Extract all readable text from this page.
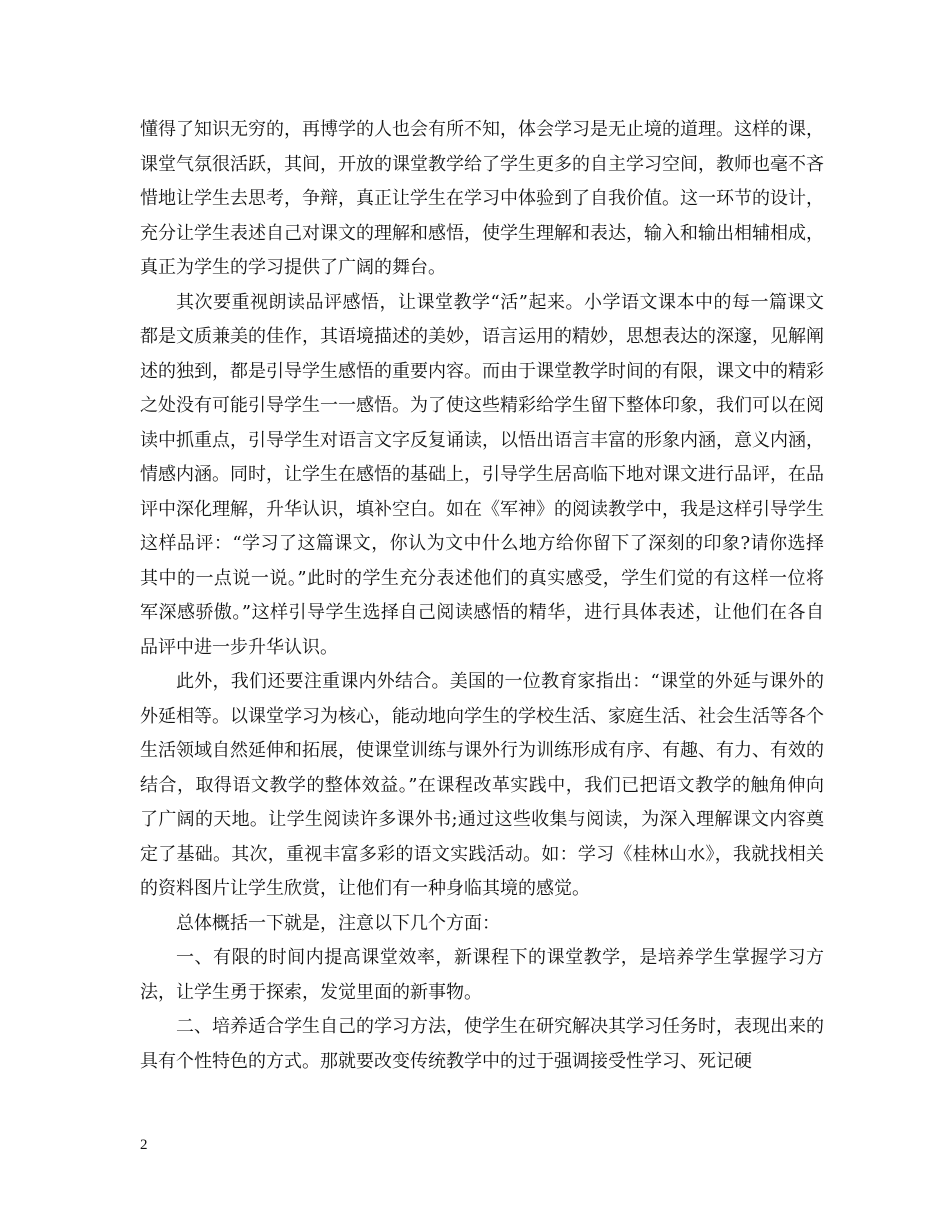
懂得了知识无穷的，再博学的人也会有所不知，体会学习是无止境的道理。这样的课，课堂气氛很活跃，其间，开放的课堂教学给了学生更多的自主学习空间，教师也毫不吝惜地让学生去思考，争辩，真正让学生在学习中体验到了自我价值。这一环节的设计，充分让学生表述自己对课文的理解和感悟，使学生理解和表达，输入和输出相辅相成，真正为学生的学习提供了广阔的舞台。

其次要重视朗读品评感悟，让课堂教学“活”起来。小学语文课本中的每一篇课文都是文质兼美的佳作，其语境描述的美妙，语言运用的精妙，思想表达的深邃，见解阐述的独到，都是引导学生感悟的重要内容。而由于课堂教学时间的有限，课文中的精彩之处没有可能引导学生一一感悟。为了使这些精彩给学生留下整体印象，我们可以在阅读中抓重点，引导学生对语言文字反复诵读，以悟出语言丰富的形象内涵，意义内涵，情感内涵。同时，让学生在感悟的基础上，引导学生居高临下地对课文进行品评，在品评中深化理解，升华认识，填补空白。如在《军神》的阅读教学中，我是这样引导学生这样品评：“学习了这篇课文，你认为文中什么地方给你留下了深刻的印象?请你选择其中的一点说一说。”此时的学生充分表述他们的真实感受，学生们觉的有这样一位将军深感骄傲。”这样引导学生选择自己阅读感悟的精华，进行具体表述，让他们在各自品评中进一步升华认识。

此外，我们还要注重课内外结合。美国的一位教育家指出：“课堂的外延与课外的外延相等。以课堂学习为核心，能动地向学生的学校生活、家庭生活、社会生活等各个生活领域自然延伸和拓展，使课堂训练与课外行为训练形成有序、有趣、有力、有效的结合，取得语文教学的整体效益。”在课程改革实践中，我们已把语文教学的触角伸向了广阔的天地。让学生阅读许多课外书;通过这些收集与阅读，为深入理解课文内容奠定了基础。其次，重视丰富多彩的语文实践活动。如：学习《桂林山水》，我就找相关的资料图片让学生欣赏，让他们有一种身临其境的感觉。

总体概括一下就是，注意以下几个方面：

一、有限的时间内提高课堂效率，新课程下的课堂教学，是培养学生掌握学习方法，让学生勇于探索，发觉里面的新事物。

二、培养适合学生自己的学习方法，使学生在研究解决其学习任务时，表现出来的具有个性特色的方式。那就要改变传统教学中的过于强调接受性学习、死记硬

2
